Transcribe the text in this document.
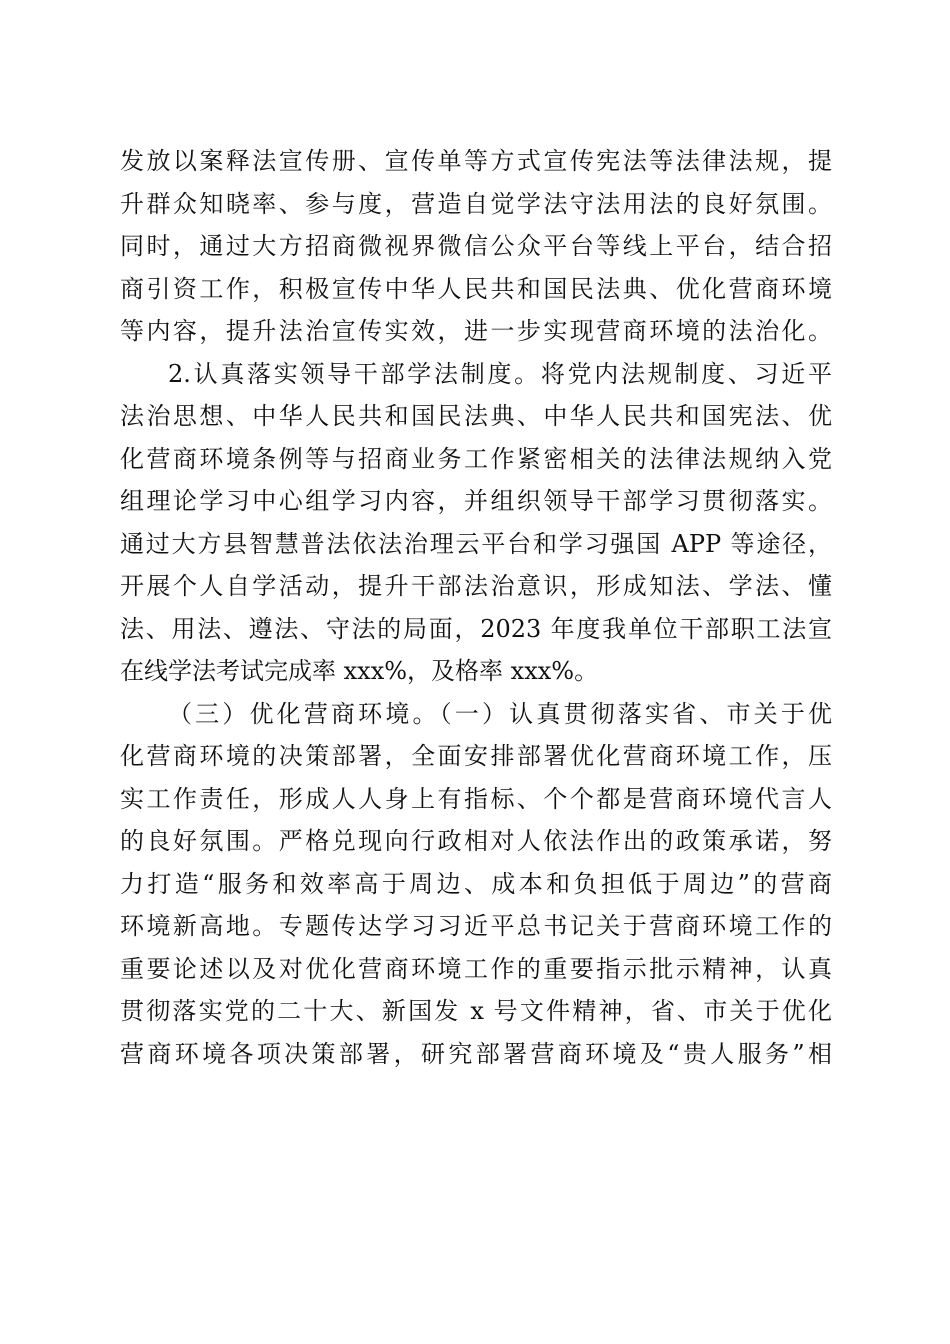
发放以案释法宣传册、宣传单等方式宣传宪法等法律法规，提
升群众知晓率、参与度，营造自觉学法守法用法的良好氛围。
同时，通过大方招商微视界微信公众平台等线上平台，结合招
商引资工作，积极宣传中华人民共和国民法典、优化营商环境
等内容，提升法治宣传实效，进一步实现营商环境的法治化。
2.认真落实领导干部学法制度。将党内法规制度、习近平
法治思想、中华人民共和国民法典、中华人民共和国宪法、优
化营商环境条例等与招商业务工作紧密相关的法律法规纳入党
组理论学习中心组学习内容，并组织领导干部学习贯彻落实。
通过大方县智慧普法依法治理云平台和学习强国 APP 等途径，
开展个人自学活动，提升干部法治意识，形成知法、学法、懂
法、用法、遵法、守法的局面，2023 年度我单位干部职工法宣
在线学法考试完成率 xxx%，及格率 xxx%。
（三）优化营商环境。（一）认真贯彻落实省、市关于优
化营商环境的决策部署，全面安排部署优化营商环境工作，压
实工作责任，形成人人身上有指标、个个都是营商环境代言人
的良好氛围。严格兑现向行政相对人依法作出的政策承诺，努
力打造“服务和效率高于周边、成本和负担低于周边”的营商
环境新高地。专题传达学习习近平总书记关于营商环境工作的
重要论述以及对优化营商环境工作的重要指示批示精神，认真
贯彻落实党的二十大、新国发 x 号文件精神，省、市关于优化
营商环境各项决策部署，研究部署营商环境及“贵人服务”相
